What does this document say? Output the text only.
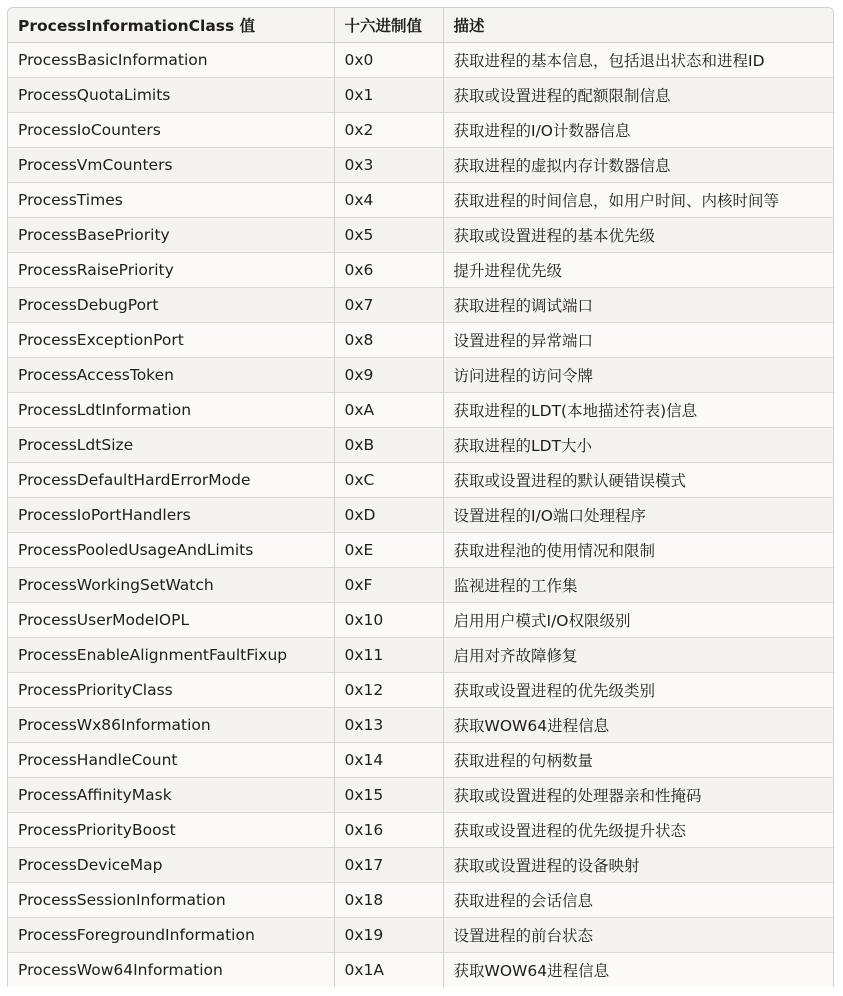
ProcessInformationClass 值	十六进制值	描述
ProcessBasicInformation	0x0	获取进程的基本信息，包括退出状态和进程ID
ProcessQuotaLimits	0x1	获取或设置进程的配额限制信息
ProcessIoCounters	0x2	获取进程的I/O计数器信息
ProcessVmCounters	0x3	获取进程的虚拟内存计数器信息
ProcessTimes	0x4	获取进程的时间信息，如用户时间、内核时间等
ProcessBasePriority	0x5	获取或设置进程的基本优先级
ProcessRaisePriority	0x6	提升进程优先级
ProcessDebugPort	0x7	获取进程的调试端口
ProcessExceptionPort	0x8	设置进程的异常端口
ProcessAccessToken	0x9	访问进程的访问令牌
ProcessLdtInformation	0xA	获取进程的LDT(本地描述符表)信息
ProcessLdtSize	0xB	获取进程的LDT大小
ProcessDefaultHardErrorMode	0xC	获取或设置进程的默认硬错误模式
ProcessIoPortHandlers	0xD	设置进程的I/O端口处理程序
ProcessPooledUsageAndLimits	0xE	获取进程池的使用情况和限制
ProcessWorkingSetWatch	0xF	监视进程的工作集
ProcessUserModeIOPL	0x10	启用用户模式I/O权限级别
ProcessEnableAlignmentFaultFixup	0x11	启用对齐故障修复
ProcessPriorityClass	0x12	获取或设置进程的优先级类别
ProcessWx86Information	0x13	获取WOW64进程信息
ProcessHandleCount	0x14	获取进程的句柄数量
ProcessAffinityMask	0x15	获取或设置进程的处理器亲和性掩码
ProcessPriorityBoost	0x16	获取或设置进程的优先级提升状态
ProcessDeviceMap	0x17	获取或设置进程的设备映射
ProcessSessionInformation	0x18	获取进程的会话信息
ProcessForegroundInformation	0x19	设置进程的前台状态
ProcessWow64Information	0x1A	获取WOW64进程信息
